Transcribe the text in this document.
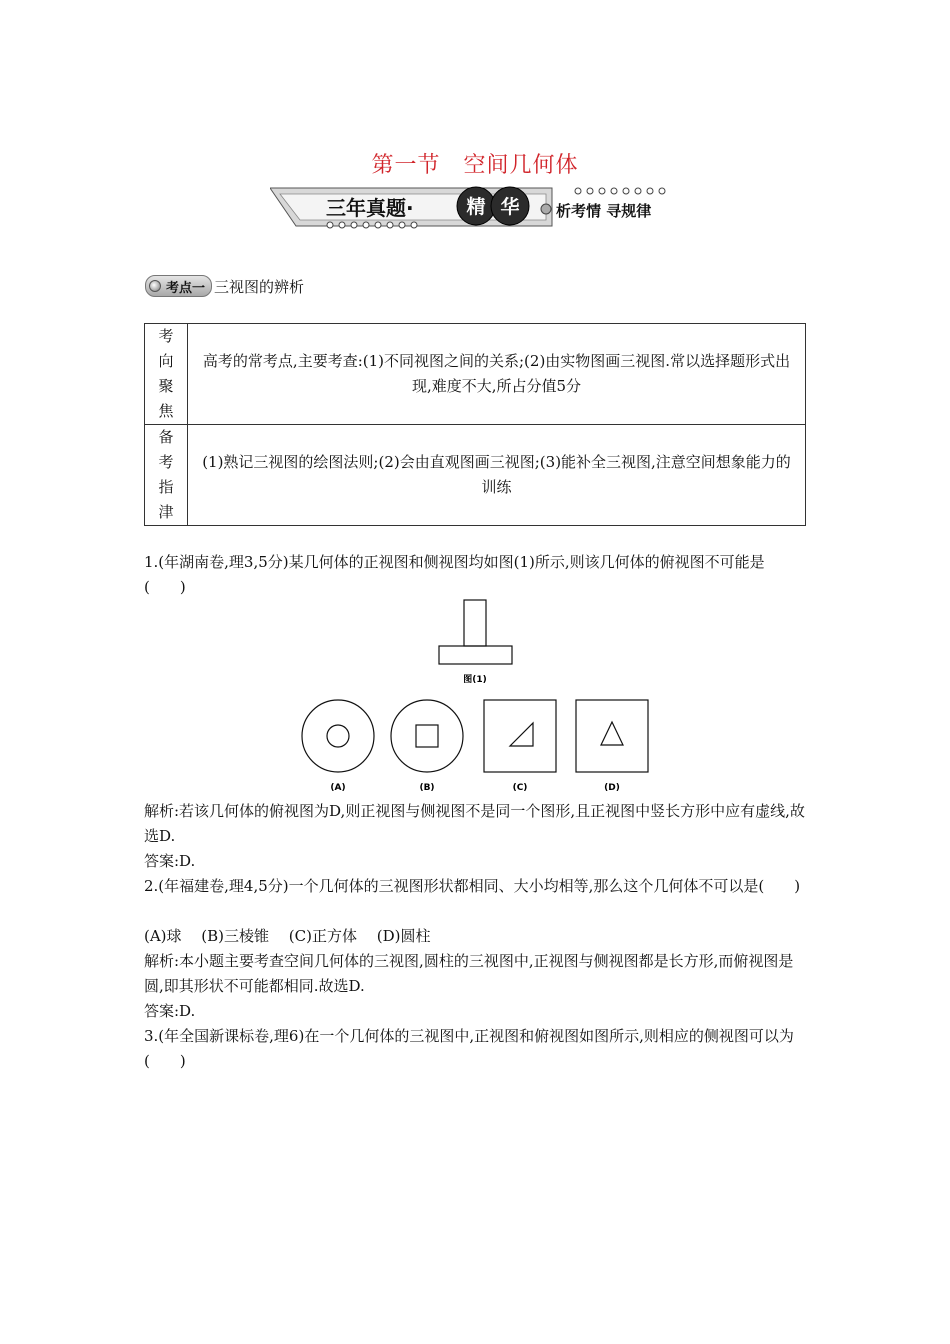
第一节　空间几何体
三年真题·	精 华 析考情 寻规律
考点一 三视图的辨析
考向聚焦	高考的常考点,主要考查:(1)不同视图之间的关系;(2)由实物图画三视图.常以选择题形式出现,难度不大,所占分值5分

备考指津	(1)熟记三视图的绘图法则;(2)会由直观图画三视图;(3)能补全三视图,注意空间想象能力的训练
1.(年湖南卷,理3,5分)某几何体的正视图和侧视图均如图(1)所示,则该几何体的俯视图不可能是(　　)
图(1)
(A)	(B)	(C)	(D)
解析:若该几何体的俯视图为D,则正视图与侧视图不是同一个图形,且正视图中竖长方形中应有虚线,故选D.
答案:D.
2.(年福建卷,理4,5分)一个几何体的三视图形状都相同、大小均相等,那么这个几何体不可以是(　　)
(A)球　 (B)三棱锥　 (C)正方体　 (D)圆柱
解析:本小题主要考查空间几何体的三视图,圆柱的三视图中,正视图与侧视图都是长方形,而俯视图是圆,即其形状不可能都相同.故选D.
答案:D.
3.(年全国新课标卷,理6)在一个几何体的三视图中,正视图和俯视图如图所示,则相应的侧视图可以为(　　)
